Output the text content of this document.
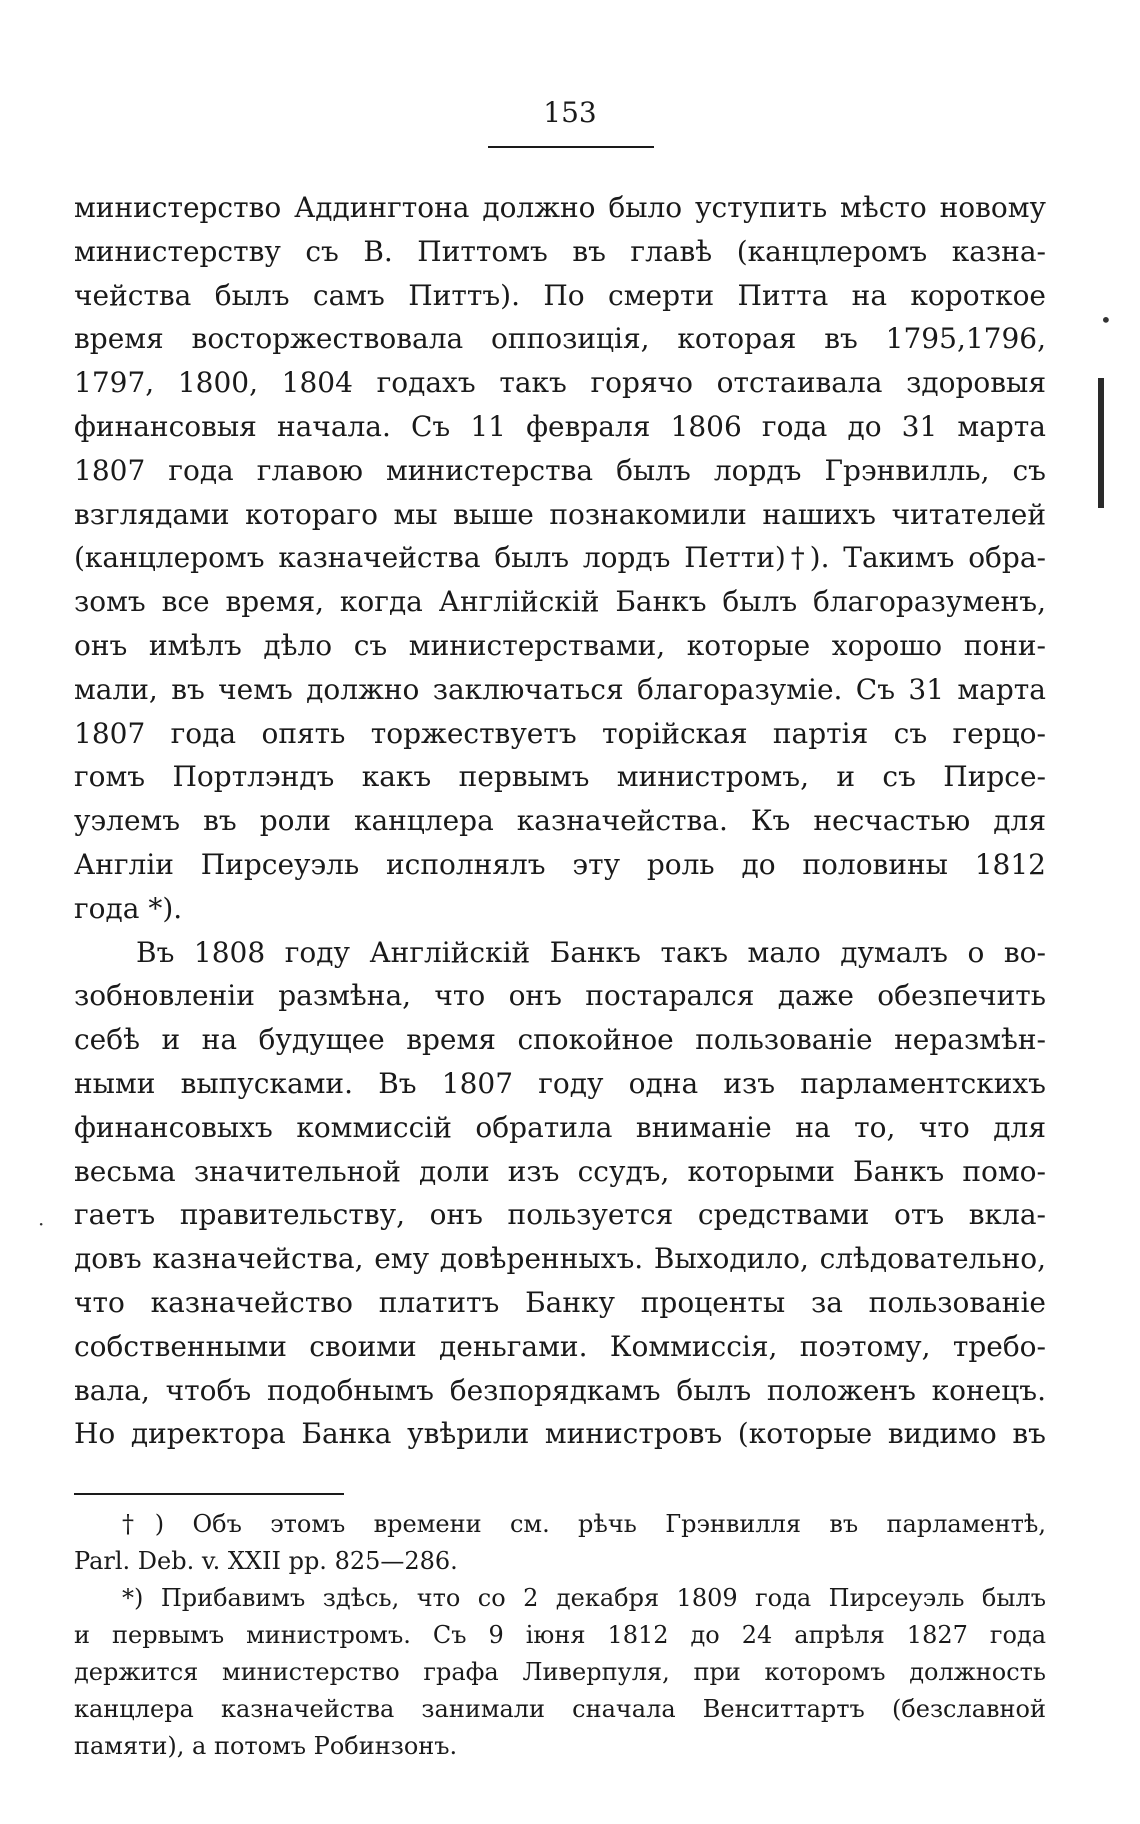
153
министерство Аддингтона должно было уступить мѣсто новому
министерству съ В. Питтомъ въ главѣ (канцлеромъ казна-
чейства былъ самъ Питтъ). По смерти Питта на короткое
время восторжествовала оппозиція, которая въ 1795,1796,
1797, 1800, 1804 годахъ такъ горячо отстаивала здоровыя
финансовыя начала. Съ 11 февраля 1806 года до 31 марта
1807 года главою министерства былъ лордъ Грэнвилль, съ
взглядами котораго мы выше познакомили нашихъ читателей
(канцлеромъ казначейства былъ лордъ Петти)†). Такимъ обра-
зомъ все время, когда Англійскій Банкъ былъ благоразуменъ,
онъ имѣлъ дѣло съ министерствами, которые хорошо пони-
мали, въ чемъ должно заключаться благоразуміе. Съ 31 марта
1807 года опять торжествуетъ торійская партія съ герцо-
гомъ Портлэндъ какъ первымъ министромъ, и съ Пирсе-
уэлемъ въ роли канцлера казначейства. Къ несчастью для
Англіи Пирсеуэль исполнялъ эту роль до половины 1812
года *).
Въ 1808 году Англійскій Банкъ такъ мало думалъ о во-
зобновленіи размѣна, что онъ постарался даже обезпечить
себѣ и на будущее время спокойное пользованіе неразмѣн-
ными выпусками. Въ 1807 году одна изъ парламентскихъ
финансовыхъ коммиссій обратила вниманіе на то, что для
весьма значительной доли изъ ссудъ, которыми Банкъ помо-
гаетъ правительству, онъ пользуется средствами отъ вкла-
довъ казначейства, ему довѣренныхъ. Выходило, слѣдовательно,
что казначейство платитъ Банку проценты за пользованіе
собственными своими деньгами. Коммиссія, поэтому, требо-
вала, чтобъ подобнымъ безпорядкамъ былъ положенъ конецъ.
Но директора Банка увѣрили министровъ (которые видимо въ
†) Объ этомъ времени см. рѣчь Грэнвилля въ парламентѣ,
Parl. Deb. v. XXII pp. 825—286.
*) Прибавимъ здѣсь, что со 2 декабря 1809 года Пирсеуэль былъ
и первымъ министромъ. Съ 9 іюня 1812 до 24 апрѣля 1827 года
держится министерство графа Ливерпуля, при которомъ должность
канцлера казначейства занимали сначала Венситтартъ (безславной
памяти), а потомъ Робинзонъ.
•
·
